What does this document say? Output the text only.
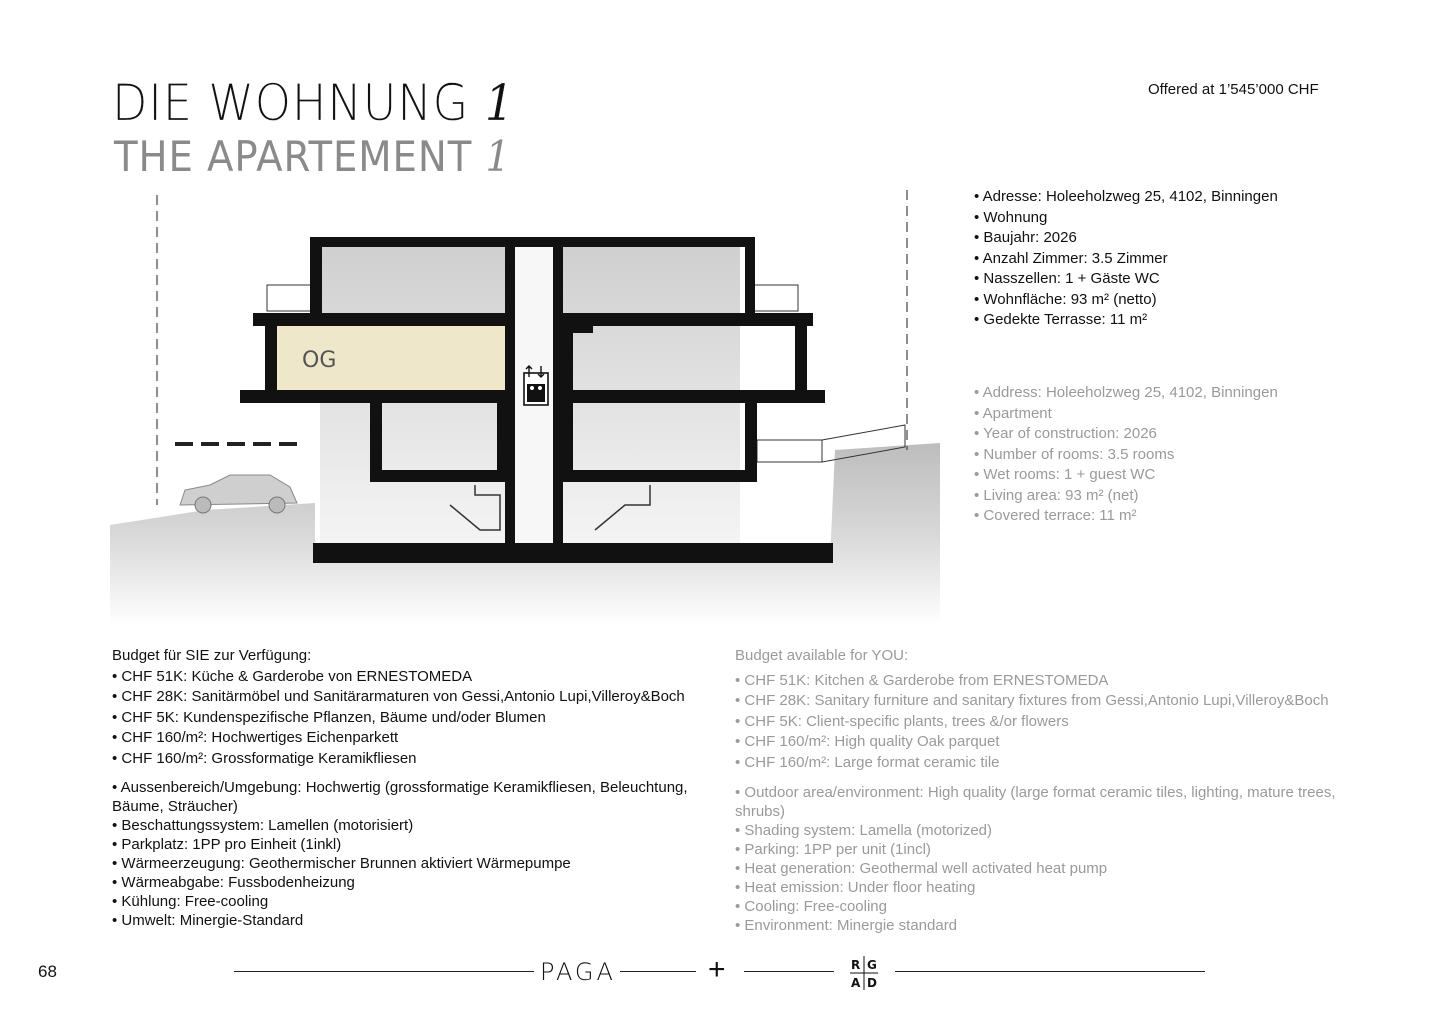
DIE WOHNUNG 1
THE APARTEMENT 1
Offered at 1’545’000 CHF
OG
• Adresse: Holeeholzweg 25, 4102, Binningen
• Wohnung
• Baujahr: 2026
• Anzahl Zimmer: 3.5 Zimmer
• Nasszellen: 1 + Gäste WC
• Wohnfläche: 93 m² (netto)
• Gedekte Terrasse: 11 m²
• Address: Holeeholzweg 25, 4102, Binningen
• Apartment
• Year of construction: 2026
• Number of rooms: 3.5 rooms
• Wet rooms: 1 + guest WC
• Living area: 93 m² (net)
• Covered terrace: 11 m²
Budget für SIE zur Verfügung:
• CHF 51K: Küche & Garderobe von ERNESTOMEDA
• CHF 28K: Sanitärmöbel und Sanitärarmaturen von Gessi,Antonio Lupi,Villeroy&Boch
• CHF 5K: Kundenspezifische Pflanzen, Bäume und/oder Blumen
• CHF 160/m²: Hochwertiges Eichenparkett
• CHF 160/m²: Grossformatige Keramikfliesen
Budget available for YOU:
• CHF 51K: Kitchen & Garderobe from ERNESTOMEDA
• CHF 28K: Sanitary furniture and sanitary fixtures from Gessi,Antonio Lupi,Villeroy&Boch
• CHF 5K: Client-specific plants, trees &/or flowers
• CHF 160/m²: High quality Oak parquet
• CHF 160/m²: Large format ceramic tile
• Aussenbereich/Umgebung: Hochwertig (grossformatige Keramikfliesen, Beleuchtung, Bäume, Sträucher)
• Beschattungssystem: Lamellen (motorisiert)
• Parkplatz: 1PP pro Einheit (1inkl)
• Wärmeerzeugung: Geothermischer Brunnen aktiviert Wärmepumpe
• Wärmeabgabe: Fussbodenheizung
• Kühlung: Free-cooling
• Umwelt: Minergie-Standard
• Outdoor area/environment: High quality (large format ceramic tiles, lighting, mature trees, shrubs)
• Shading system: Lamella (motorized)
• Parking: 1PP per unit (1incl)
• Heat generation: Geothermal well activated heat pump
• Heat emission: Under floor heating
• Cooling: Free-cooling
• Environment: Minergie standard
68	PAGA	+	R G
A D
